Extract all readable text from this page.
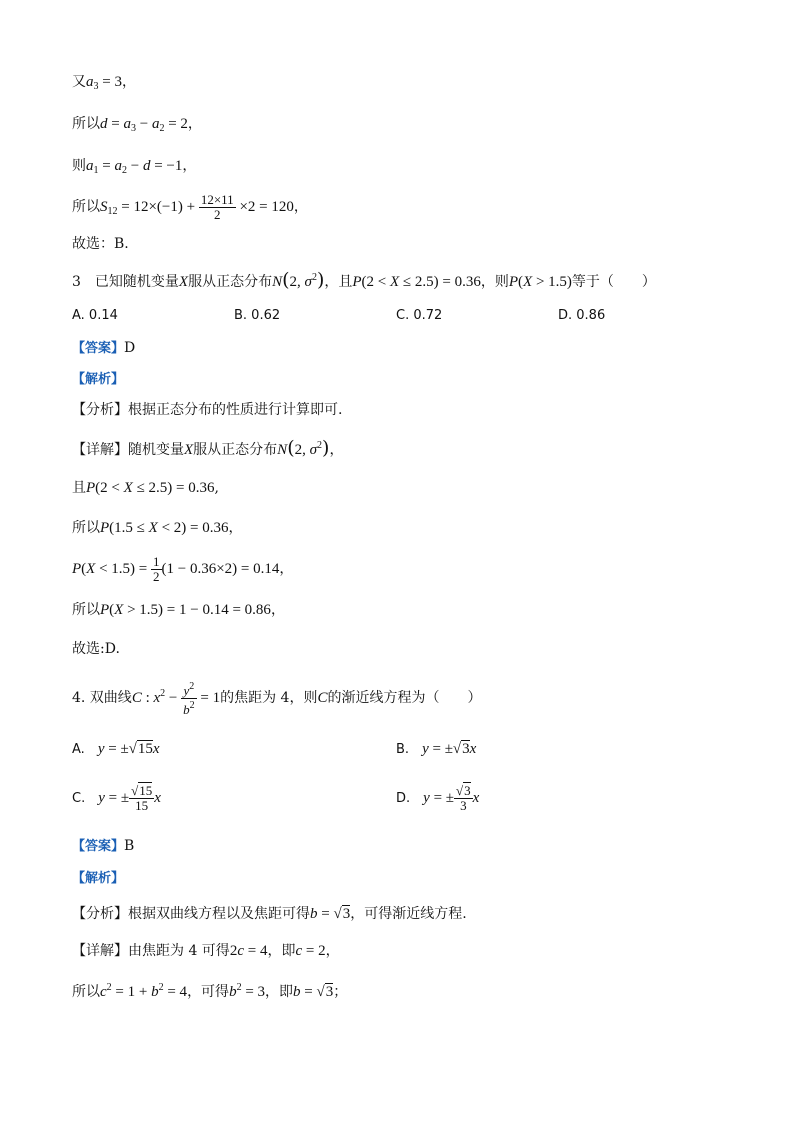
又$a_3 = 3$，
所以$d = a_3 - a_2 = 2$，
则$a_1 = a_2 - d = -1$，
所以$S_{12} = 12\times(-1) + \frac{12\times 11}{2} \times 2 = 120$，
故选：B.
3　已知随机变量X服从正态分布N(2, $\sigma^2$)，且P(2 < X ≤ 2.5) = 0.36，则P(X > 1.5)等于（　　）
A. 0.14	B. 0.62	C. 0.72	D. 0.86
【答案】D
【解析】
【分析】根据正态分布的性质进行计算即可.
【详解】随机变量X服从正态分布N(2, $\sigma^2$)，
且P(2 < X ≤ 2.5) = 0.36,
所以P(1.5 ≤ X < 2) = 0.36，
$P(X < 1.5) = \frac{1}{2} (1 - 0.36\times 2) = 0.14$，
所以P(X > 1.5) = 1 − 0.14 = 0.86，
故选:D.
4. 双曲线C : $x^2 - \frac{y^2}{b^2} = 1$的焦距为 4，则C的渐近线方程为（　　）
A.　y = ±√15x	B.　y = ±√3x
C.　y = ± $\frac{√15}{15}$ x	D.　y = ± $\frac{√3}{3}$ x
【答案】B
【解析】
【分析】根据双曲线方程以及焦距可得b = √3，可得渐近线方程.
【详解】由焦距为 4 可得2c = 4，即c = 2，
所以$c^2 = 1 + b^2 = 4$，可得$b^2 = 3$，即b = √3；
